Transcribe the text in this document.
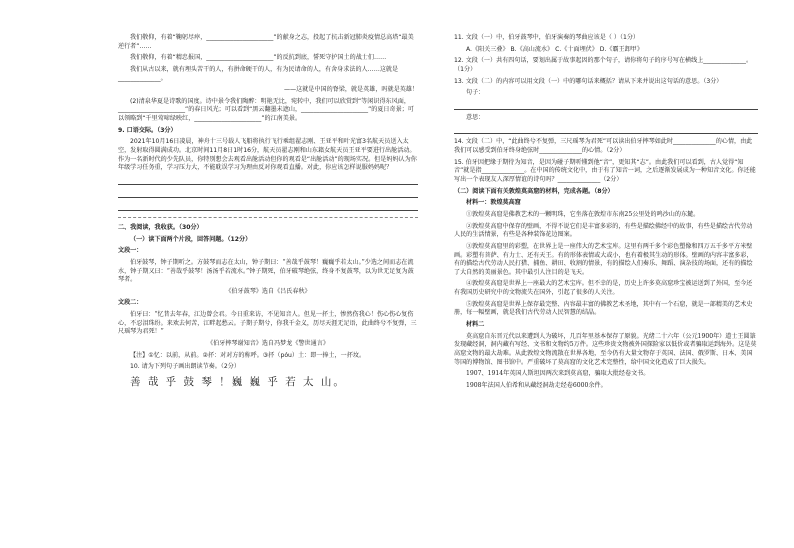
我们敬仰，有着“鞠躬尽瘁，______________________”的献身之志，投起了抗击新冠肺炎疫情总高塔“最美逆行者”……

我们敬仰，有着“精忠报国，______________________”的反抗到底，誓死守护国土的战士们……

我们从古以来，就有埋头苦干的人，有拼命硬干的人，有为民请命的人，有舍身求法的人……这就是______________。

——这就是中国的脊梁，就是英雄，吗就是英雄！

(2)清泉华夏是诗歌的国度。诗中景令我们陶醉：明艳无比，宛转中，我们可以欣赏到“等闲识得东风面，______________________”的春日风光；可以看到“黑云翻墨未遮山，______________________”的夏日奇景；可以领略到“千里莺啼绿映红，______________________”的江南美景。

9. 口语交际。（3分）

2021年10月16日凌晨，神舟十三号载人飞船将执行飞行乘组翟志刚、王亚平和叶光富3名航天员送入太空，发射取得圆满成功。北京时间11月8日1时16分，航天员翟志刚和山东籍女航天员王亚平要进行出舱活动。作为一名新时代的少先队员，你特别想会去观看出舱活动但你的观看是“出舱活动”的现场实况。但是妈妈认为你年级学习任务重，学习压力大，不能耽误学习为理由反对你观看直播。对此，你应该怎样说服妈妈呢？

二、我阅读，我收获。（30分）

（一）读下面两个片段，回答问题。（12分）

文段一：

伯牙鼓琴，钟子期听之。方鼓琴而志在太山，钟子期曰：“善哉乎鼓琴！巍巍乎若太山。”少选之间而志在流水，钟子期又曰：“善哉乎鼓琴！汤汤乎若流水。”钟子期死，伯牙破琴绝弦，终身不复鼓琴，以为世无足复为鼓琴者。

《伯牙鼓琴》选自《吕氏春秋》

文段二：

伯牙曰：“忆昔去年春，江边曾会君。今日重来访，不见知音人。但见一抔土，惨然伤我心！伤心伤心复伤心，不忍泪珠纷。来欢去何苦，江畔起愁云。子期子期兮，你我千金义，历尽天涯无足语，此曲终兮不复弹，三尺瑶琴为君死！”

《伯牙摔琴谢知音》选自冯梦龙《警世通言》

【注】①忆：以前，从前。②抔：对对方的称呼。③抔（póu）土：即一捧土，一抔坟。

10. 请为下列句子画出朗读节奏。（2分）

善 哉 乎 鼓 琴 ！巍 巍 乎 若 太 山。

11. 文段（一）中，伯牙鼓琴中，伯牙演奏的琴曲应该是（ ）（1分）

A.《阳关三叠》 B.《高山流水》 C.《十面埋伏》 D.《霸王卸甲》

12. 文段（一）共有四句话，要划出属于故事起因的那个句子，请你将句子的序号写在横线上______________。（1分）

13. 文段（二）的内容可以用文段（一）中的哪句话来概括？请从下来并说出这句话的意思。（3分）

句子：

意思：

14. 文段（二）中，“此曲终兮不复弹，三尺瑶琴为君死”可以读出伯牙摔琴如此时______________的心情，由此我们可以感受到伯牙终身绝弦时______________的心情。（2分）

15. 伯牙因把缘于期待为知音，是因为碰子期听懂到他“音”，更知其“志”。由此我们可以看到，古人觉得“知音”就是指______________。在中国的传统文化中，由于有了知音一词，之后逐渐发展成为一种知音文化。你还能写出一个表现友人深厚情谊的诗句吗？______________（2分）

（二）阅读下面有关敦煌莫高窟的材料，完成各题。（8分）

材料一：敦煌莫高窟

①敦煌莫高窟是佛教艺术的一颗明珠，它坐落在敦煌市东南25公里处的鸣沙山的东麓。

②敦煌莫高窟中保存的壁画，不得不说它们是丰富多彩的，有些是描绘佛经中的故事，有些是描绘古代劳动人民的生活情景，有些是各种装饰花边图案。

③敦煌莫高窟里的彩塑，在世界上是一座伟大的艺术宝库。这里有两千多个彩色塑像和四万五千多平方米壁画。彩塑有菩萨、有力士、还有天王。有的形体表情或大或小，也有着极其生动的形体。壁画的内容丰富多彩，有的描绘古代劳动人民打猎、捕鱼、耕田、收割的情景，有的描绘人们奏乐、舞蹈、演杂技的场面，还有的描绘了大自然的美丽景色。其中最引人注目的是飞天。

④敦煌莫高窟是世界上一座最大的艺术宝库。但不幸的是，历史上许多莫高窟珍宝被运送到了外国，至今还有我国历史研究中的文物流失在国外，引起了很多的人关注。

⑤敦煌莫高窟是世界上保存最完整、内容最丰富的佛教艺术圣地，其中有一个石窟，就是一部精美的艺术史册，每一幅壁画，就是我们古代劳动人民智慧的结晶。

材料二

莫高窟自东晋元代以来遭到人为破坏，几百年里基本保存了原貌。光绪二十六年（公元1900年）道士王圆箓发现藏经洞，洞内藏有写经、文书和文物约5万件。这些珍贵文物被外国探险家以低价或者骗取运到海外。这是莫高窟文物的最大劫难。从此敦煌文物流散在世界各地，至今仍有大量文物存于英国、法国、俄罗斯、日本、美国等国的博物馆、图书馆中。严重破坏了莫高窟的文化艺术完整性，给中国文化造成了巨大损失。

1907、1914年英国人斯坦因两次来到莫高窟，骗取大批经卷文书。

1908年法国人伯希和从藏经洞劫走经卷6000余件。
